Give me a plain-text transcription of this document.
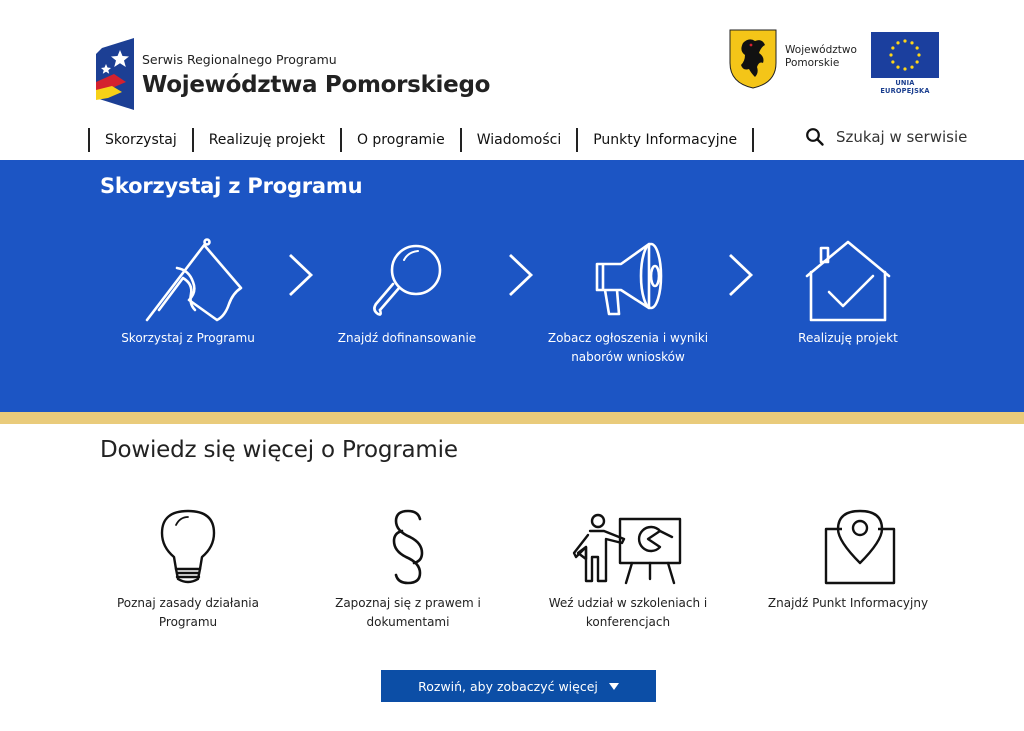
Serwis Regionalnego Programu
Województwa Pomorskiego
Województwo
Pomorskie
UNIA EUROPEJSKA
Skorzystaj	Realizuję projekt	O programie	Wiadomości	Punkty Informacyjne	Szukaj w serwisie
Skorzystaj z Programu
Skorzystaj z Programu	Znajdź dofinansowanie	Zobacz ogłoszenia i wyniki
naborów wniosków
Realizuję projekt
Dowiedz się więcej o Programie
Poznaj zasady działania
Programu
Zapoznaj się z prawem i
dokumentami
Weź udział w szkoleniach i
konferencjach
Znajdź Punkt Informacyjny
Rozwiń, aby zobaczyć więcej
